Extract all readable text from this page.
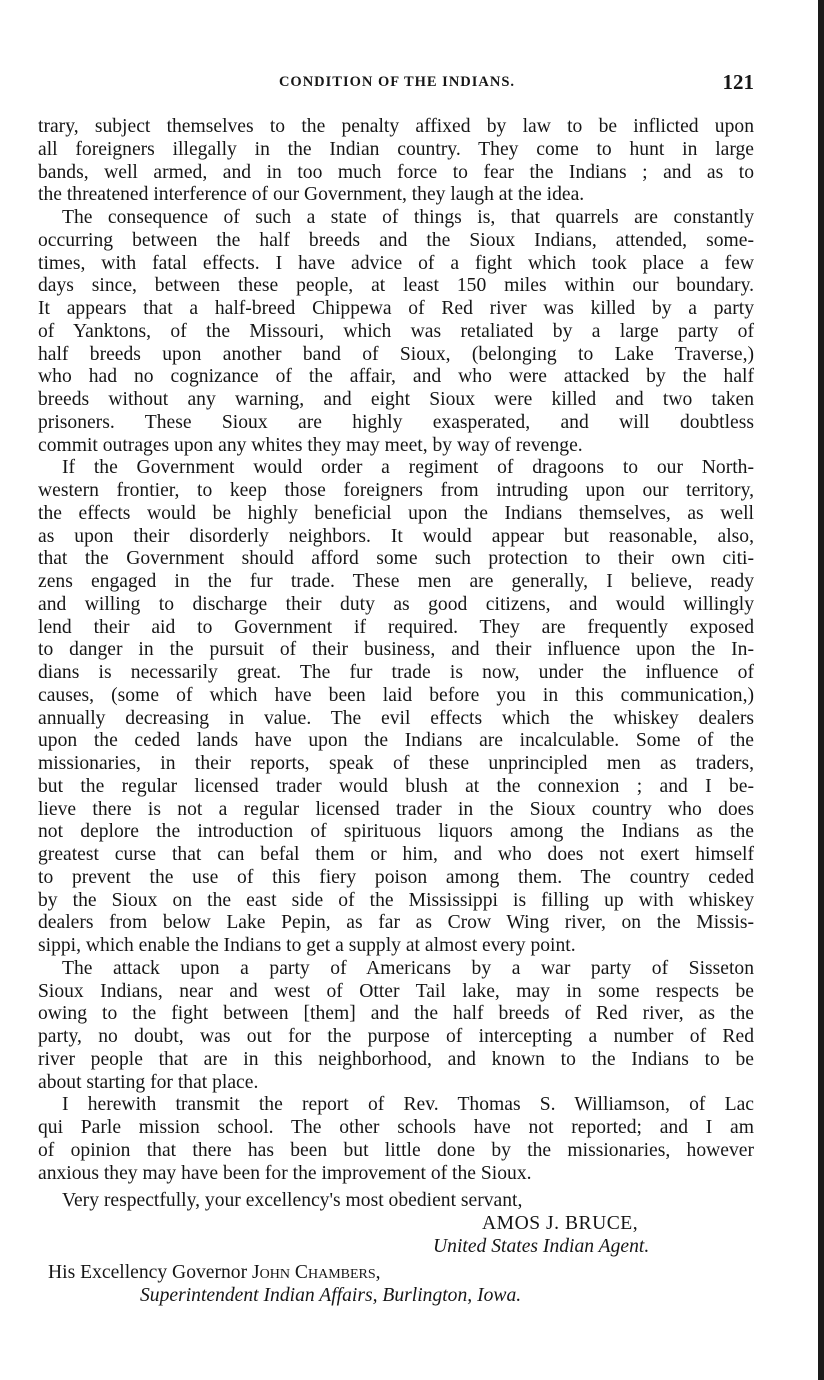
CONDITION OF THE INDIANS.	121

trary, subject themselves to the penalty affixed by law to be inflicted upon
all foreigners illegally in the Indian country. They come to hunt in large
bands, well armed, and in too much force to fear the Indians ; and as to
the threatened interference of our Government, they laugh at the idea.

The consequence of such a state of things is, that quarrels are constantly
occurring between the half breeds and the Sioux Indians, attended, some-
times, with fatal effects. I have advice of a fight which took place a few
days since, between these people, at least 150 miles within our boundary.
It appears that a half-breed Chippewa of Red river was killed by a party
of Yanktons, of the Missouri, which was retaliated by a large party of
half breeds upon another band of Sioux, (belonging to Lake Traverse,)
who had no cognizance of the affair, and who were attacked by the half
breeds without any warning, and eight Sioux were killed and two taken
prisoners. These Sioux are highly exasperated, and will doubtless
commit outrages upon any whites they may meet, by way of revenge.

If the Government would order a regiment of dragoons to our North-
western frontier, to keep those foreigners from intruding upon our territory,
the effects would be highly beneficial upon the Indians themselves, as well
as upon their disorderly neighbors. It would appear but reasonable, also,
that the Government should afford some such protection to their own citi-
zens engaged in the fur trade. These men are generally, I believe, ready
and willing to discharge their duty as good citizens, and would willingly
lend their aid to Government if required. They are frequently exposed
to danger in the pursuit of their business, and their influence upon the In-
dians is necessarily great. The fur trade is now, under the influence of
causes, (some of which have been laid before you in this communication,)
annually decreasing in value. The evil effects which the whiskey dealers
upon the ceded lands have upon the Indians are incalculable. Some of the
missionaries, in their reports, speak of these unprincipled men as traders,
but the regular licensed trader would blush at the connexion ; and I be-
lieve there is not a regular licensed trader in the Sioux country who does
not deplore the introduction of spirituous liquors among the Indians as the
greatest curse that can befal them or him, and who does not exert himself
to prevent the use of this fiery poison among them. The country ceded
by the Sioux on the east side of the Mississippi is filling up with whiskey
dealers from below Lake Pepin, as far as Crow Wing river, on the Missis-
sippi, which enable the Indians to get a supply at almost every point.

The attack upon a party of Americans by a war party of Sisseton
Sioux Indians, near and west of Otter Tail lake, may in some respects be
owing to the fight between [them] and the half breeds of Red river, as the
party, no doubt, was out for the purpose of intercepting a number of Red
river people that are in this neighborhood, and known to the Indians to be
about starting for that place.

I herewith transmit the report of Rev. Thomas S. Williamson, of Lac
qui Parle mission school. The other schools have not reported; and I am
of opinion that there has been but little done by the missionaries, however
anxious they may have been for the improvement of the Sioux.

Very respectfully, your excellency's most obedient servant,
AMOS J. BRUCE,
United States Indian Agent.
His Excellency Governor John Chambers,
Superintendent Indian Affairs, Burlington, Iowa.
